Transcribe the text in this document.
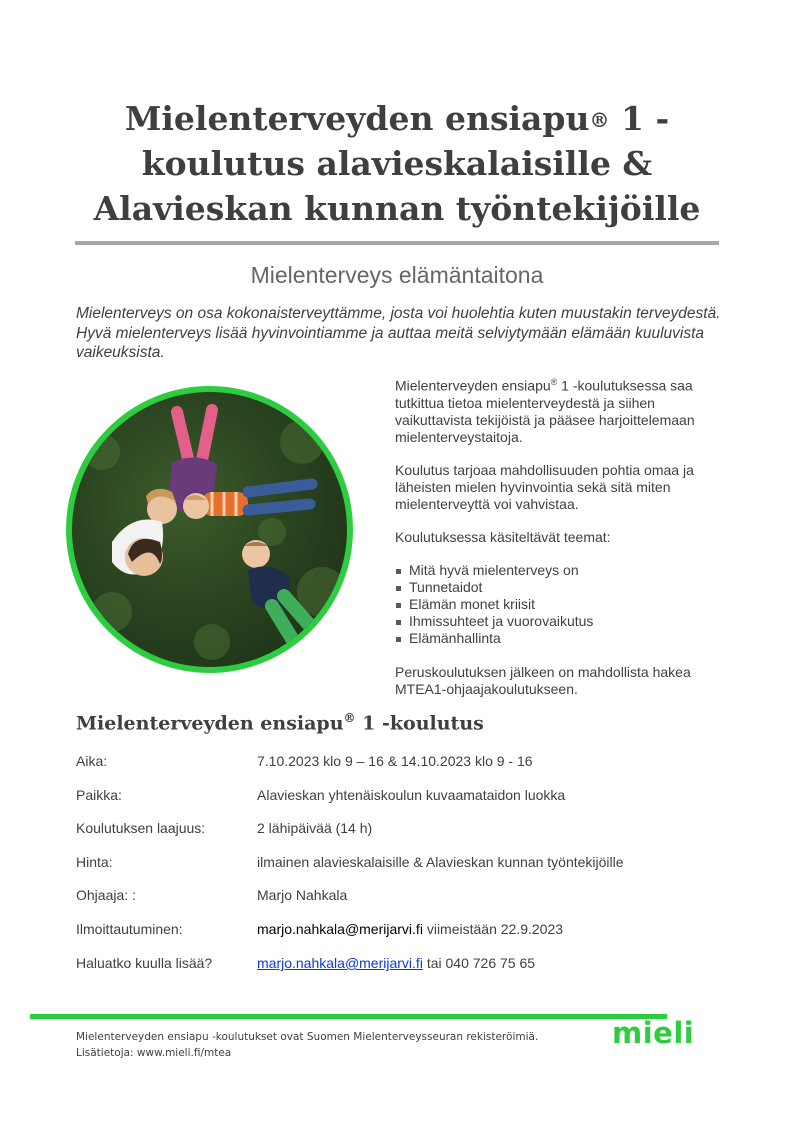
Mielenterveyden ensiapu® 1 -
koulutus alavieskalaisille &
Alavieskan kunnan työntekijöille
Mielenterveys elämäntaitona

Mielenterveys on osa kokonaisterveyttämme, josta voi huolehtia kuten muustakin terveydestä. Hyvä mielenterveys lisää hyvinvointiamme ja auttaa meitä selviytymään elämään kuuluvista vaikeuksista.

Mielenterveyden ensiapu® 1 -koulutuksessa saa tutkittua tietoa mielenterveydestä ja siihen vaikuttavista tekijöistä ja pääsee harjoittelemaan mielenterveystaitoja.

Koulutus tarjoaa mahdollisuuden pohtia omaa ja läheisten mielen hyvinvointia sekä sitä miten mielenterveyttä voi vahvistaa.

Koulutuksessa käsiteltävät teemat:

Mitä hyvä mielenterveys on
Tunnetaidot
Elämän monet kriisit
Ihmissuhteet ja vuorovaikutus
Elämänhallinta

Peruskoulutuksen jälkeen on mahdollista hakea MTEA1-ohjaajakoulutukseen.

Mielenterveyden ensiapu® 1 -koulutus
Aika:	7.10.2023 klo 9 – 16 & 14.10.2023 klo 9 - 16
Paikka:	Alavieskan yhtenäiskoulun kuvaamataidon luokka
Koulutuksen laajuus:	2 lähipäivää (14 h)
Hinta:	ilmainen alavieskalaisille & Alavieskan kunnan työntekijöille
Ohjaaja: :	Marjo Nahkala
Ilmoittautuminen:	marjo.nahkala@merijarvi.fi viimeistään 22.9.2023
Haluatko kuulla lisää?	marjo.nahkala@merijarvi.fi tai 040 726 75 65
Mielenterveyden ensiapu -koulutukset ovat Suomen Mielenterveysseuran rekisteröimiä.
Lisätietoja: www.mieli.fi/mtea
mieli
